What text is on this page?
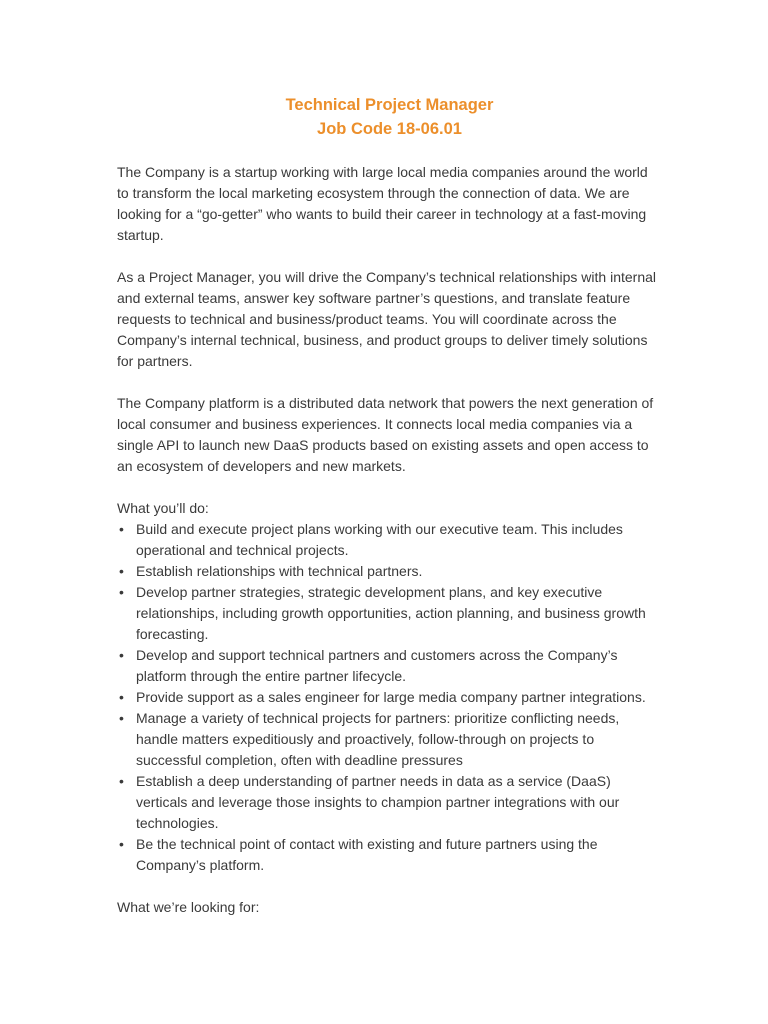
Technical Project Manager

Job Code 18-06.01

The Company is a startup working with large local media companies around the world to transform the local marketing ecosystem through the connection of data. We are looking for a “go-getter” who wants to build their career in technology at a fast-moving startup.

As a Project Manager, you will drive the Company’s technical relationships with internal and external teams, answer key software partner’s questions, and translate feature requests to technical and business/product teams. You will coordinate across the Company’s internal technical, business, and product groups to deliver timely solutions for partners.

The Company platform is a distributed data network that powers the next generation of local consumer and business experiences. It connects local media companies via a single API to launch new DaaS products based on existing assets and open access to an ecosystem of developers and new markets.

What you’ll do:

• Build and execute project plans working with our executive team. This includes operational and technical projects.
• Establish relationships with technical partners.
• Develop partner strategies, strategic development plans, and key executive relationships, including growth opportunities, action planning, and business growth forecasting.
• Develop and support technical partners and customers across the Company’s platform through the entire partner lifecycle.
• Provide support as a sales engineer for large media company partner integrations.
• Manage a variety of technical projects for partners: prioritize conflicting needs, handle matters expeditiously and proactively, follow-through on projects to successful completion, often with deadline pressures
• Establish a deep understanding of partner needs in data as a service (DaaS) verticals and leverage those insights to champion partner integrations with our technologies.
• Be the technical point of contact with existing and future partners using the Company’s platform.

What we’re looking for:
